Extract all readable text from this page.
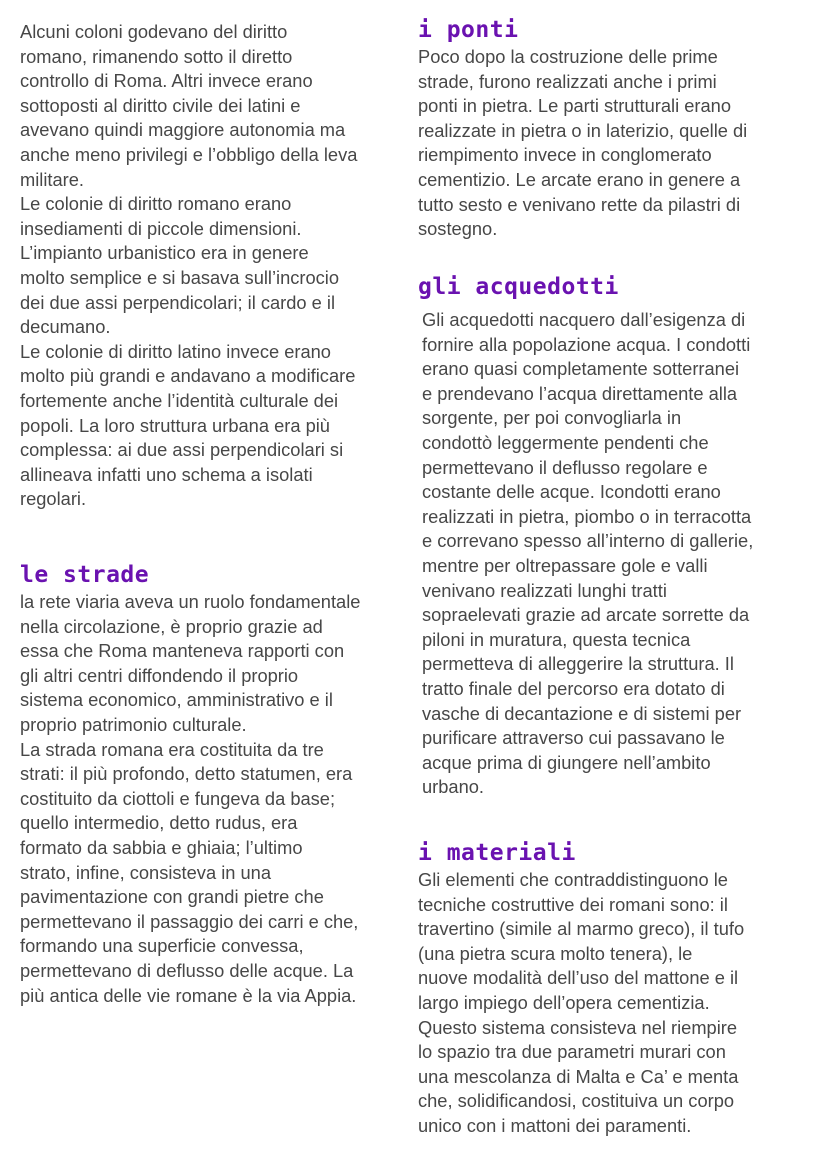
Alcuni coloni godevano del diritto
romano, rimanendo sotto il diretto
controllo di Roma. Altri invece erano
sottoposti al diritto civile dei latini e
avevano quindi maggiore autonomia ma
anche meno privilegi e l’obbligo della leva
militare.
Le colonie di diritto romano erano
insediamenti di piccole dimensioni.
L’impianto urbanistico era in genere
molto semplice e si basava sull’incrocio
dei due assi perpendicolari; il cardo e il
decumano.
Le colonie di diritto latino invece erano
molto più grandi e andavano a modificare
fortemente anche l’identità culturale dei
popoli. La loro struttura urbana era più
complessa: ai due assi perpendicolari si
allineava infatti uno schema a isolati
regolari.
le strade
la rete viaria aveva un ruolo fondamentale
nella circolazione, è proprio grazie ad
essa che Roma manteneva rapporti con
gli altri centri diffondendo il proprio
sistema economico, amministrativo e il
proprio patrimonio culturale.
La strada romana era costituita da tre
strati: il più profondo, detto statumen, era
costituito da ciottoli e fungeva da base;
quello intermedio, detto rudus, era
formato da sabbia e ghiaia; l’ultimo
strato, infine, consisteva in una
pavimentazione con grandi pietre che
permettevano il passaggio dei carri e che,
formando una superficie convessa,
permettevano di deflusso delle acque. La
più antica delle vie romane è la via Appia.
i ponti
Poco dopo la costruzione delle prime
strade, furono realizzati anche i primi
ponti in pietra. Le parti strutturali erano
realizzate in pietra o in laterizio, quelle di
riempimento invece in conglomerato
cementizio. Le arcate erano in genere a
tutto sesto e venivano rette da pilastri di
sostegno.
gli acquedotti
Gli acquedotti nacquero dall’esigenza di
fornire alla popolazione acqua. I condotti
erano quasi completamente sotterranei
e prendevano l’acqua direttamente alla
sorgente, per poi convogliarla in
condottò leggermente pendenti che
permettevano il deflusso regolare e
costante delle acque. Icondotti erano
realizzati in pietra, piombo o in terracotta
e correvano spesso all’interno di gallerie,
mentre per oltrepassare gole e valli
venivano realizzati lunghi tratti
sopraelevati grazie ad arcate sorrette da
piloni in muratura, questa tecnica
permetteva di alleggerire la struttura. Il
tratto finale del percorso era dotato di
vasche di decantazione e di sistemi per
purificare attraverso cui passavano le
acque prima di giungere nell’ambito
urbano.
i materiali
Gli elementi che contraddistinguono le
tecniche costruttive dei romani sono: il
travertino (simile al marmo greco), il tufo
(una pietra scura molto tenera), le
nuove modalità dell’uso del mattone e il
largo impiego dell’opera cementizia.
Questo sistema consisteva nel riempire
lo spazio tra due parametri murari con
una mescolanza di Malta e Ca’ e menta
che, solidificandosi, costituiva un corpo
unico con i mattoni dei paramenti.
